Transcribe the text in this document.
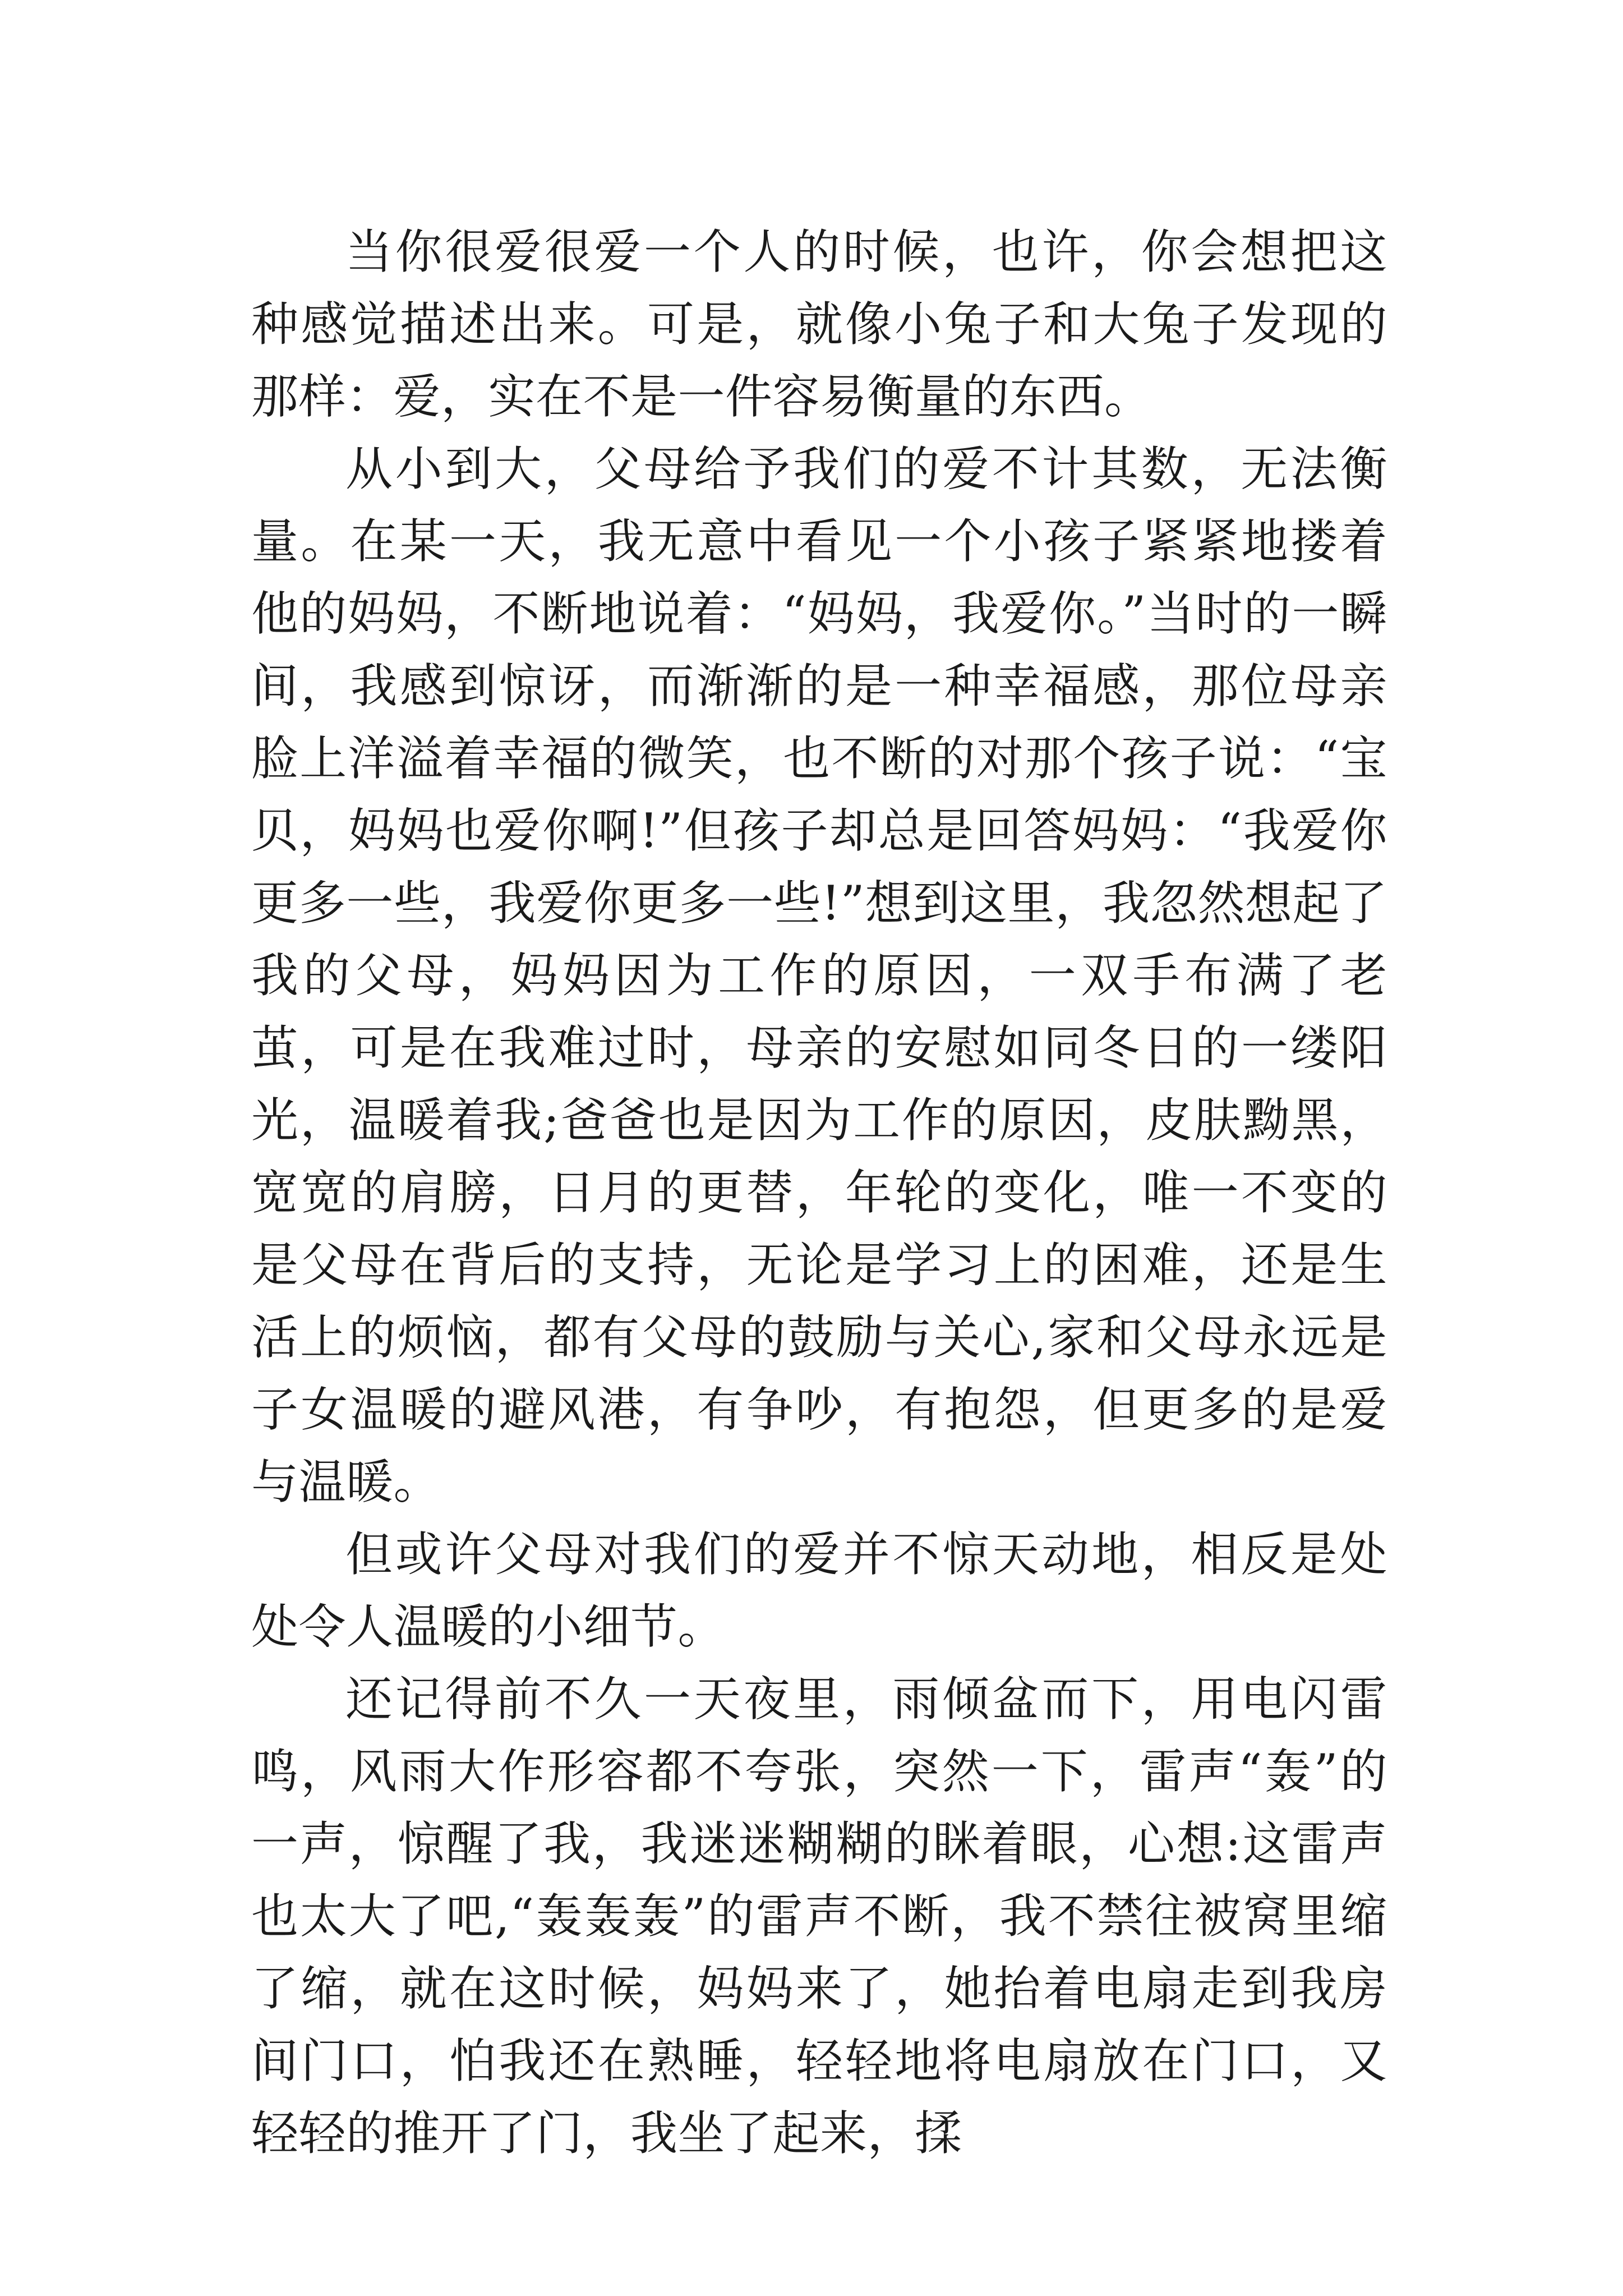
当你很爱很爱一个人的时候，也许，你会想把这种感觉描述出来。可是，就像小兔子和大兔子发现的那样：爱，实在不是一件容易衡量的东西。

从小到大，父母给予我们的爱不计其数，无法衡量。在某一天，我无意中看见一个小孩子紧紧地搂着他的妈妈，不断地说着：“妈妈，我爱你。”当时的一瞬间，我感到惊讶，而渐渐的是一种幸福感，那位母亲脸上洋溢着幸福的微笑，也不断的对那个孩子说：“宝贝，妈妈也爱你啊!”但孩子却总是回答妈妈：“我爱你更多一些，我爱你更多一些!”想到这里，我忽然想起了我的父母，妈妈因为工作的原因，一双手布满了老茧，可是在我难过时，母亲的安慰如同冬日的一缕阳光，温暖着我;爸爸也是因为工作的原因，皮肤黝黑，宽宽的肩膀，日月的更替，年轮的变化，唯一不变的是父母在背后的支持，无论是学习上的困难，还是生活上的烦恼，都有父母的鼓励与关心,家和父母永远是子女温暖的避风港，有争吵，有抱怨，但更多的是爱与温暖。

但或许父母对我们的爱并不惊天动地，相反是处处令人温暖的小细节。

还记得前不久一天夜里，雨倾盆而下，用电闪雷鸣，风雨大作形容都不夸张，突然一下，雷声“轰”的一声，惊醒了我，我迷迷糊糊的眯着眼，心想:这雷声也太大了吧,“轰轰轰”的雷声不断，我不禁往被窝里缩了缩，就在这时候，妈妈来了，她抬着电扇走到我房间门口，怕我还在熟睡，轻轻地将电扇放在门口，又轻轻的推开了门，我坐了起来，揉
